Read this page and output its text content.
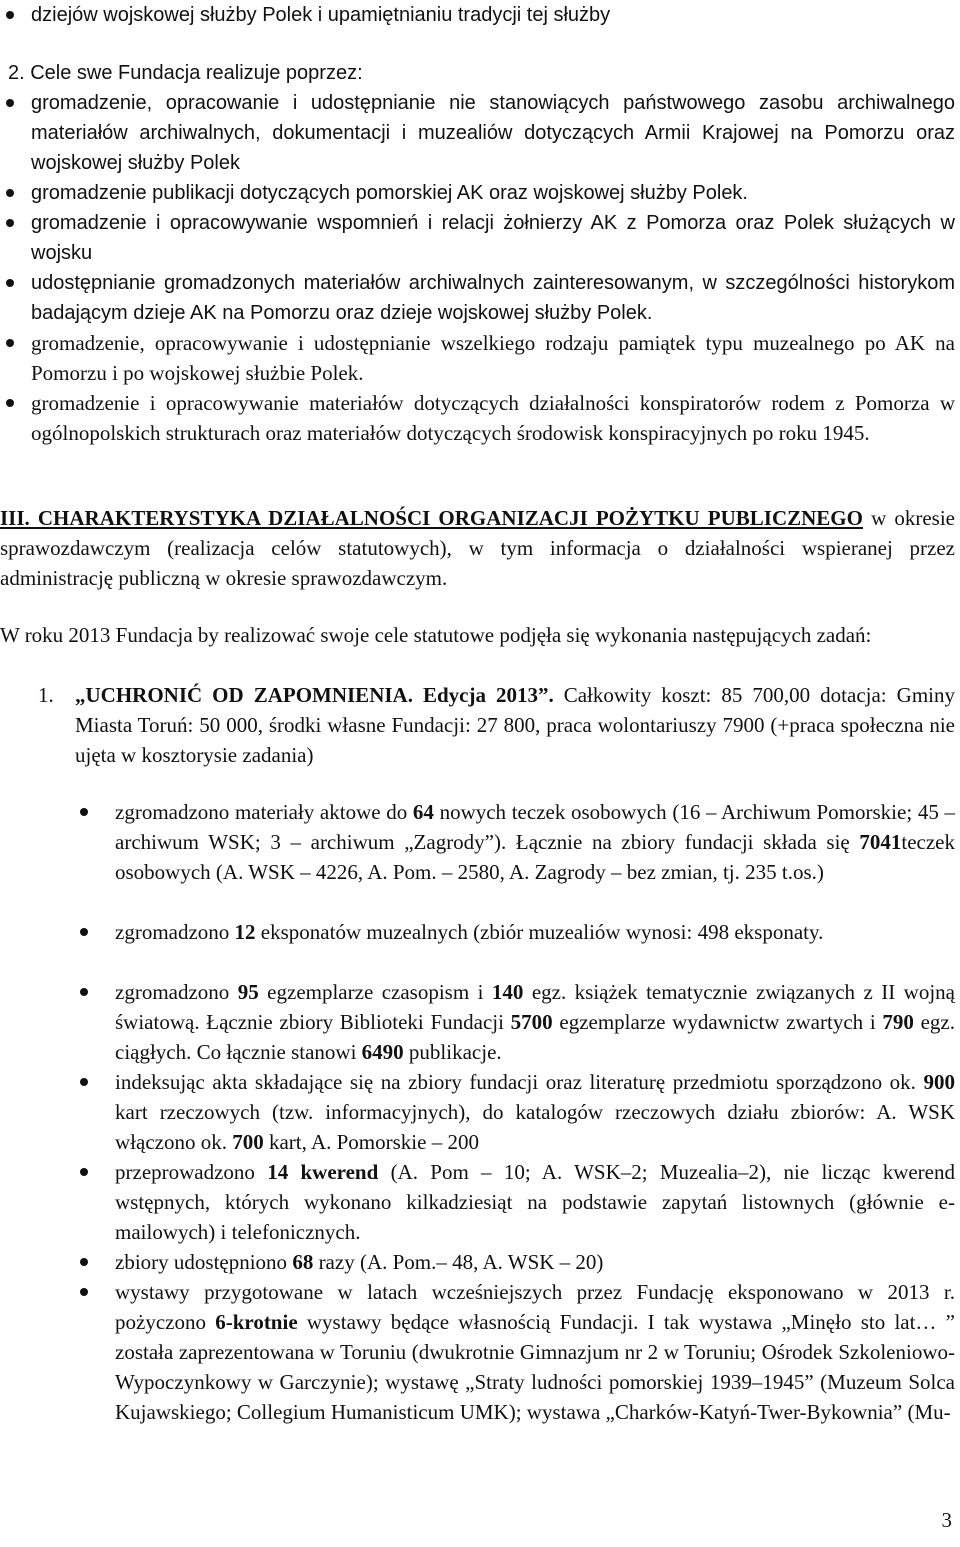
dziejów wojskowej służby Polek i upamiętnianiu tradycji tej służby
2. Cele swe Fundacja realizuje poprzez:
gromadzenie, opracowanie i udostępnianie nie stanowiących państwowego zasobu archiwalnego materiałów archiwalnych, dokumentacji i muzealiów dotyczących Armii Krajowej na Pomorzu oraz wojskowej służby Polek
gromadzenie publikacji dotyczących pomorskiej AK oraz wojskowej służby Polek.
gromadzenie i opracowywanie wspomnień i relacji żołnierzy AK z Pomorza oraz Polek służących w wojsku
udostępnianie gromadzonych materiałów archiwalnych zainteresowanym, w szczególności historykom badającym dzieje AK na Pomorzu oraz dzieje wojskowej służby Polek.
gromadzenie, opracowywanie i udostępnianie wszelkiego rodzaju pamiątek typu muzealnego po AK na Pomorzu i po wojskowej służbie Polek.
gromadzenie i opracowywanie materiałów dotyczących działalności konspiratorów rodem z Pomorza w ogólnopolskich strukturach oraz materiałów dotyczących środowisk konspiracyjnych po roku 1945.

III. CHARAKTERYSTYKA DZIAŁALNOŚCI ORGANIZACJI POŻYTKU PUBLICZNEGO w okresie sprawozdawczym (realizacja celów statutowych), w tym informacja o działalności wspieranej przez administrację publiczną w okresie sprawozdawczym.

W roku 2013 Fundacja by realizować swoje cele statutowe podjęła się wykonania następujących zadań:

1. „UCHRONIĆ OD ZAPOMNIENIA. Edycja 2013”. Całkowity koszt: 85 700,00 dotacja: Gminy Miasta Toruń: 50 000, środki własne Fundacji: 27 800, praca wolontariuszy 7900 (+praca społeczna nie ujęta w kosztorysie zadania)

zgromadzono materiały aktowe do 64 nowych teczek osobowych (16 – Archiwum Pomorskie; 45 – archiwum WSK; 3 – archiwum „Zagrody”). Łącznie na zbiory fundacji składa się 7041teczek osobowych (A. WSK – 4226, A. Pom. – 2580, A. Zagrody – bez zmian, tj. 235 t.os.)
zgromadzono 12 eksponatów muzealnych (zbiór muzealiów wynosi: 498 eksponaty.
zgromadzono 95 egzemplarze czasopism i 140 egz. książek tematycznie związanych z II wojną światową. Łącznie zbiory Biblioteki Fundacji 5700 egzemplarze wydawnictw zwartych i 790 egz. ciągłych. Co łącznie stanowi 6490 publikacje.
indeksując akta składające się na zbiory fundacji oraz literaturę przedmiotu sporządzono ok. 900 kart rzeczowych (tzw. informacyjnych), do katalogów rzeczowych działu zbiorów: A. WSK włączono ok. 700 kart, A. Pomorskie – 200
przeprowadzono 14 kwerend (A. Pom – 10; A. WSK–2; Muzealia–2), nie licząc kwerend wstępnych, których wykonano kilkadziesiąt na podstawie zapytań listownych (głównie e-mailowych) i telefonicznych.
zbiory udostępniono 68 razy (A. Pom.– 48, A. WSK – 20)
wystawy przygotowane w latach wcześniejszych przez Fundację eksponowano w 2013 r. pożyczono 6-krotnie wystawy będące własnością Fundacji. I tak wystawa „Minęło sto lat… ” została zaprezentowana w Toruniu (dwukrotnie Gimnazjum nr 2 w Toruniu; Ośrodek Szkoleniowo-Wypoczynkowy w Garczynie); wystawę „Straty ludności pomorskiej 1939–1945” (Muzeum Solca Kujawskiego; Collegium Humanisticum UMK); wystawa „Charków-Katyń-Twer-Bykownia” (Mu-
3
